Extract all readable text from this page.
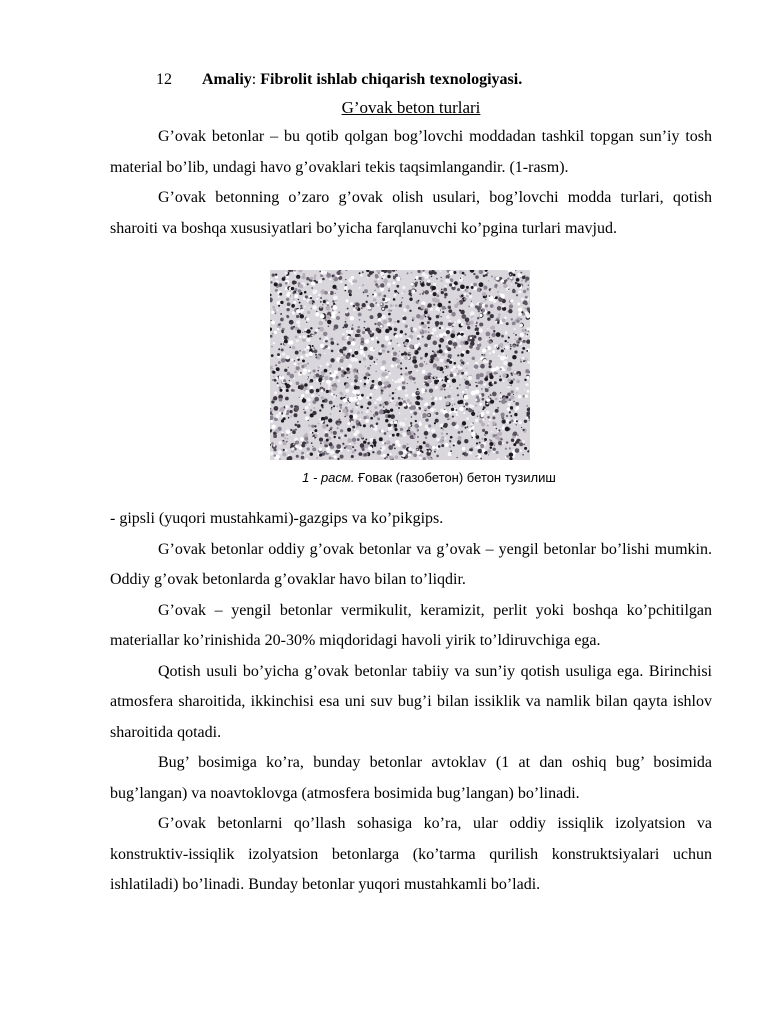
12 Amaliy: Fibrolit ishlab chiqarish texnologiyasi.
G’ovak beton turlari

G’ovak betonlar – bu qotib qolgan bog’lovchi moddadan tashkil topgan sun’iy tosh material bo’lib, undagi havo g’ovaklari tekis taqsimlangandir. (1-rasm).

G’ovak betonning o’zaro g’ovak olish usulari, bog’lovchi modda turlari, qotish sharoiti va boshqa xususiyatlari bo’yicha farqlanuvchi ko’pgina turlari mavjud.

1 - расм. Ғовак (газобетон) бетон тузилиш

- gipsli (yuqori mustahkami)-gazgips va ko’pikgips.

G’ovak betonlar oddiy g’ovak betonlar va g’ovak – yengil betonlar bo’lishi mumkin. Oddiy g’ovak betonlarda g’ovaklar havo bilan to’liqdir.

G’ovak – yengil betonlar vermikulit, keramizit, perlit yoki boshqa ko’pchitilgan materiallar ko’rinishida 20-30% miqdoridagi havoli yirik to’ldiruvchiga ega.

Qotish usuli bo’yicha g’ovak betonlar tabiiy va sun’iy qotish usuliga ega. Birinchisi atmosfera sharoitida, ikkinchisi esa uni suv bug’i bilan issiklik va namlik bilan qayta ishlov sharoitida qotadi.

Bug’ bosimiga ko’ra, bunday betonlar avtoklav (1 at dan oshiq bug’ bosimida bug’langan) va noavtoklovga (atmosfera bosimida bug’langan) bo’linadi.

G’ovak betonlarni qo’llash sohasiga ko’ra, ular oddiy issiqlik izolyatsion va konstruktiv-issiqlik izolyatsion betonlarga (ko’tarma qurilish konstruktsiyalari uchun ishlatiladi) bo’linadi. Bunday betonlar yuqori mustahkamli bo’ladi.
